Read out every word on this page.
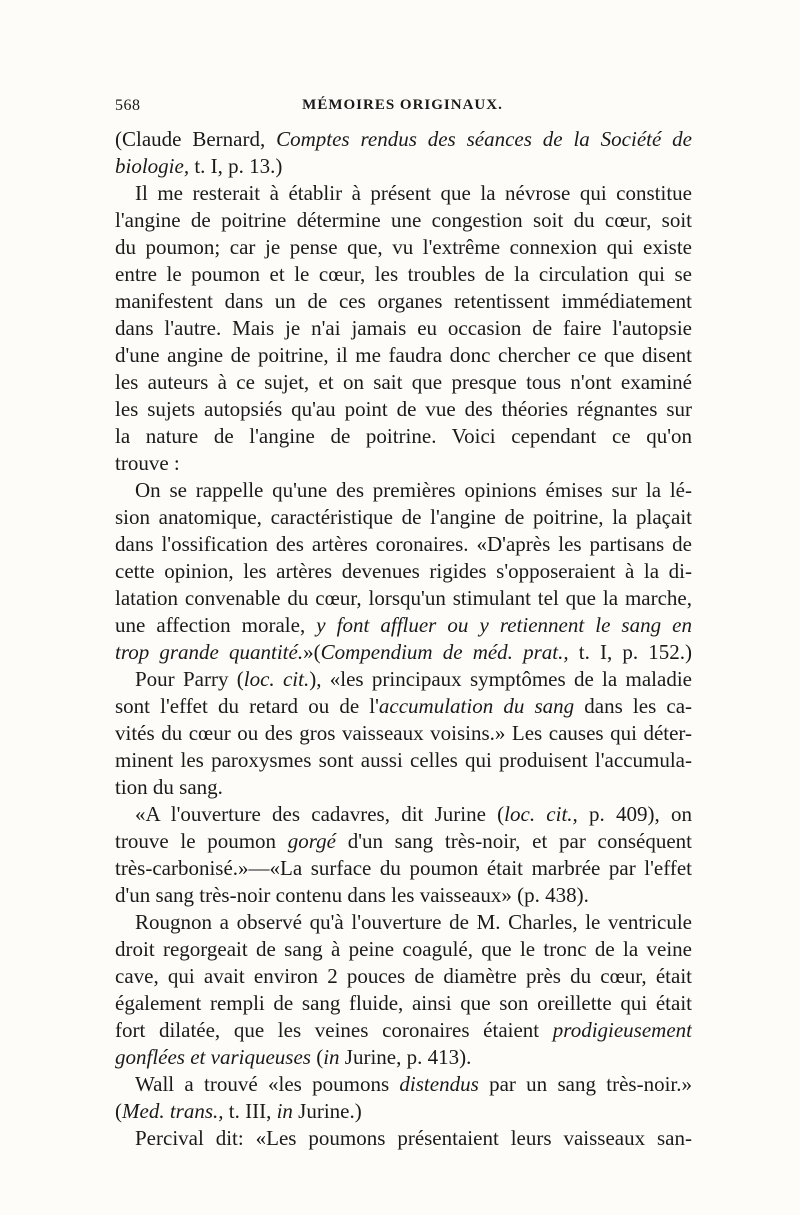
568	MÉMOIRES ORIGINAUX.
(Claude Bernard, Comptes rendus des séances de la Société de
biologie, t. I, p. 13.)
Il me resterait à établir à présent que la névrose qui constitue
l'angine de poitrine détermine une congestion soit du cœur, soit
du poumon; car je pense que, vu l'extrême connexion qui existe
entre le poumon et le cœur, les troubles de la circulation qui se
manifestent dans un de ces organes retentissent immédiatement
dans l'autre. Mais je n'ai jamais eu occasion de faire l'autopsie
d'une angine de poitrine, il me faudra donc chercher ce que disent
les auteurs à ce sujet, et on sait que presque tous n'ont examiné
les sujets autopsiés qu'au point de vue des théories régnantes sur
la nature de l'angine de poitrine. Voici cependant ce qu'on
trouve :
On se rappelle qu'une des premières opinions émises sur la lé-
sion anatomique, caractéristique de l'angine de poitrine, la plaçait
dans l'ossification des artères coronaires. «D'après les partisans de
cette opinion, les artères devenues rigides s'opposeraient à la di-
latation convenable du cœur, lorsqu'un stimulant tel que la marche,
une affection morale, y font affluer ou y retiennent le sang en
trop grande quantité.»(Compendium de méd. prat., t. I, p. 152.)
Pour Parry (loc. cit.), «les principaux symptômes de la maladie
sont l'effet du retard ou de l'accumulation du sang dans les ca-
vités du cœur ou des gros vaisseaux voisins.» Les causes qui déter-
minent les paroxysmes sont aussi celles qui produisent l'accumula-
tion du sang.
«A l'ouverture des cadavres, dit Jurine (loc. cit., p. 409), on
trouve le poumon gorgé d'un sang très-noir, et par conséquent
très-carbonisé.»—«La surface du poumon était marbrée par l'effet
d'un sang très-noir contenu dans les vaisseaux» (p. 438).
Rougnon a observé qu'à l'ouverture de M. Charles, le ventricule
droit regorgeait de sang à peine coagulé, que le tronc de la veine
cave, qui avait environ 2 pouces de diamètre près du cœur, était
également rempli de sang fluide, ainsi que son oreillette qui était
fort dilatée, que les veines coronaires étaient prodigieusement
gonflées et variqueuses (in Jurine, p. 413).
Wall a trouvé «les poumons distendus par un sang très-noir.»
(Med. trans., t. III, in Jurine.)
Percival dit: «Les poumons présentaient leurs vaisseaux san-
